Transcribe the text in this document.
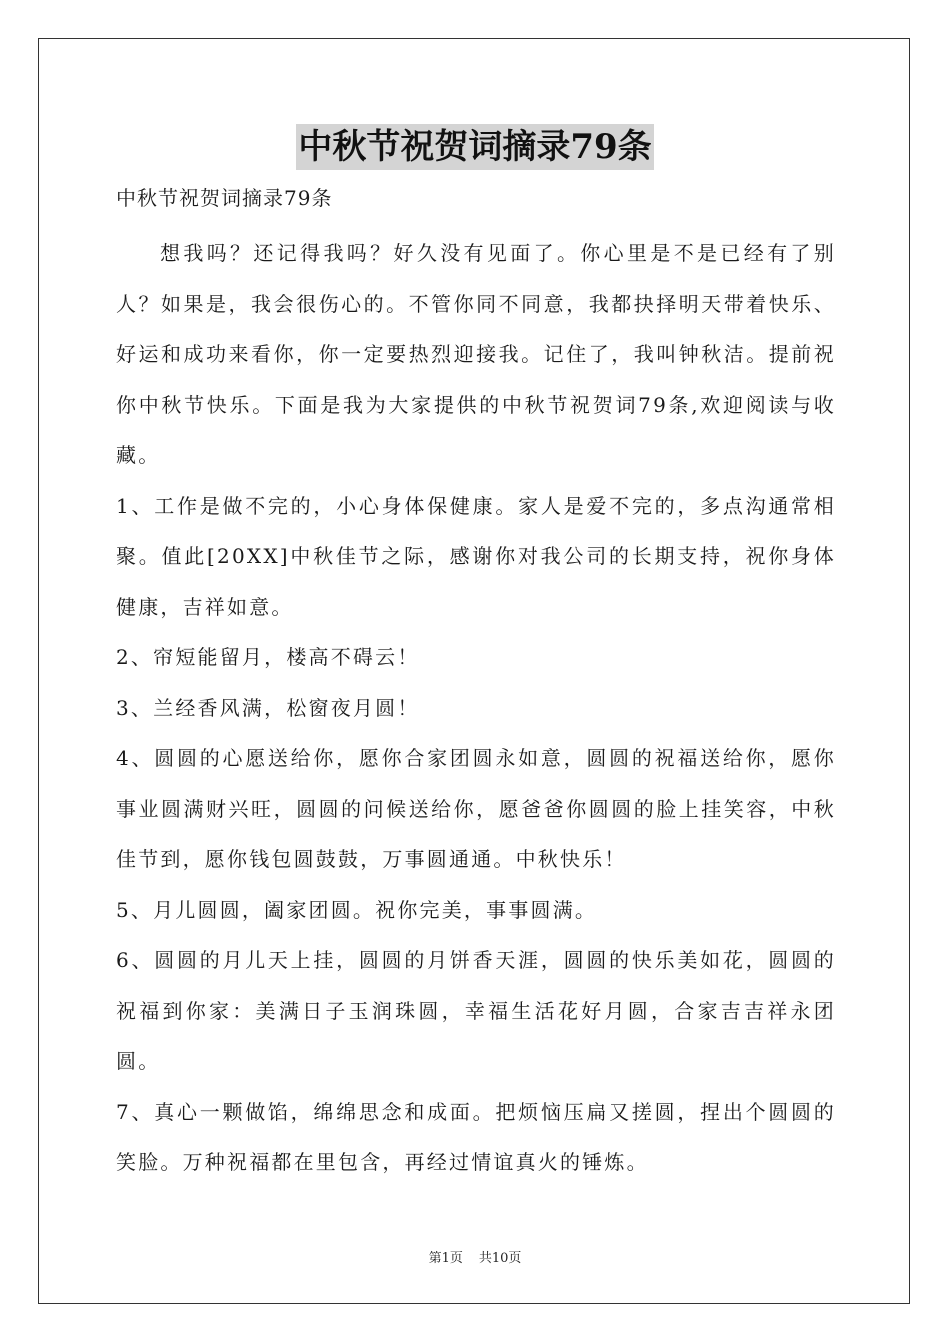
中秋节祝贺词摘录79条

中秋节祝贺词摘录79条

想我吗？还记得我吗？好久没有见面了。你心里是不是已经有了别人？如果是，我会很伤心的。不管你同不同意，我都抉择明天带着快乐、好运和成功来看你，你一定要热烈迎接我。记住了，我叫钟秋洁。提前祝你中秋节快乐。下面是我为大家提供的中秋节祝贺词79条,欢迎阅读与收藏。

1、工作是做不完的，小心身体保健康。家人是爱不完的，多点沟通常相聚。值此[20XX]中秋佳节之际，感谢你对我公司的长期支持，祝你身体健康，吉祥如意。

2、帘短能留月，楼高不碍云！

3、兰经香风满，松窗夜月圆！

4、圆圆的心愿送给你，愿你合家团圆永如意，圆圆的祝福送给你，愿你事业圆满财兴旺，圆圆的问候送给你，愿爸爸你圆圆的脸上挂笑容，中秋佳节到，愿你钱包圆鼓鼓，万事圆通通。中秋快乐！

5、月儿圆圆，阖家团圆。祝你完美，事事圆满。

6、圆圆的月儿天上挂，圆圆的月饼香天涯，圆圆的快乐美如花，圆圆的祝福到你家：美满日子玉润珠圆，幸福生活花好月圆，合家吉吉祥永团圆。

7、真心一颗做馅，绵绵思念和成面。把烦恼压扁又搓圆，捏出个圆圆的笑脸。万种祝福都在里包含，再经过情谊真火的锤炼。

第1页 共10页
